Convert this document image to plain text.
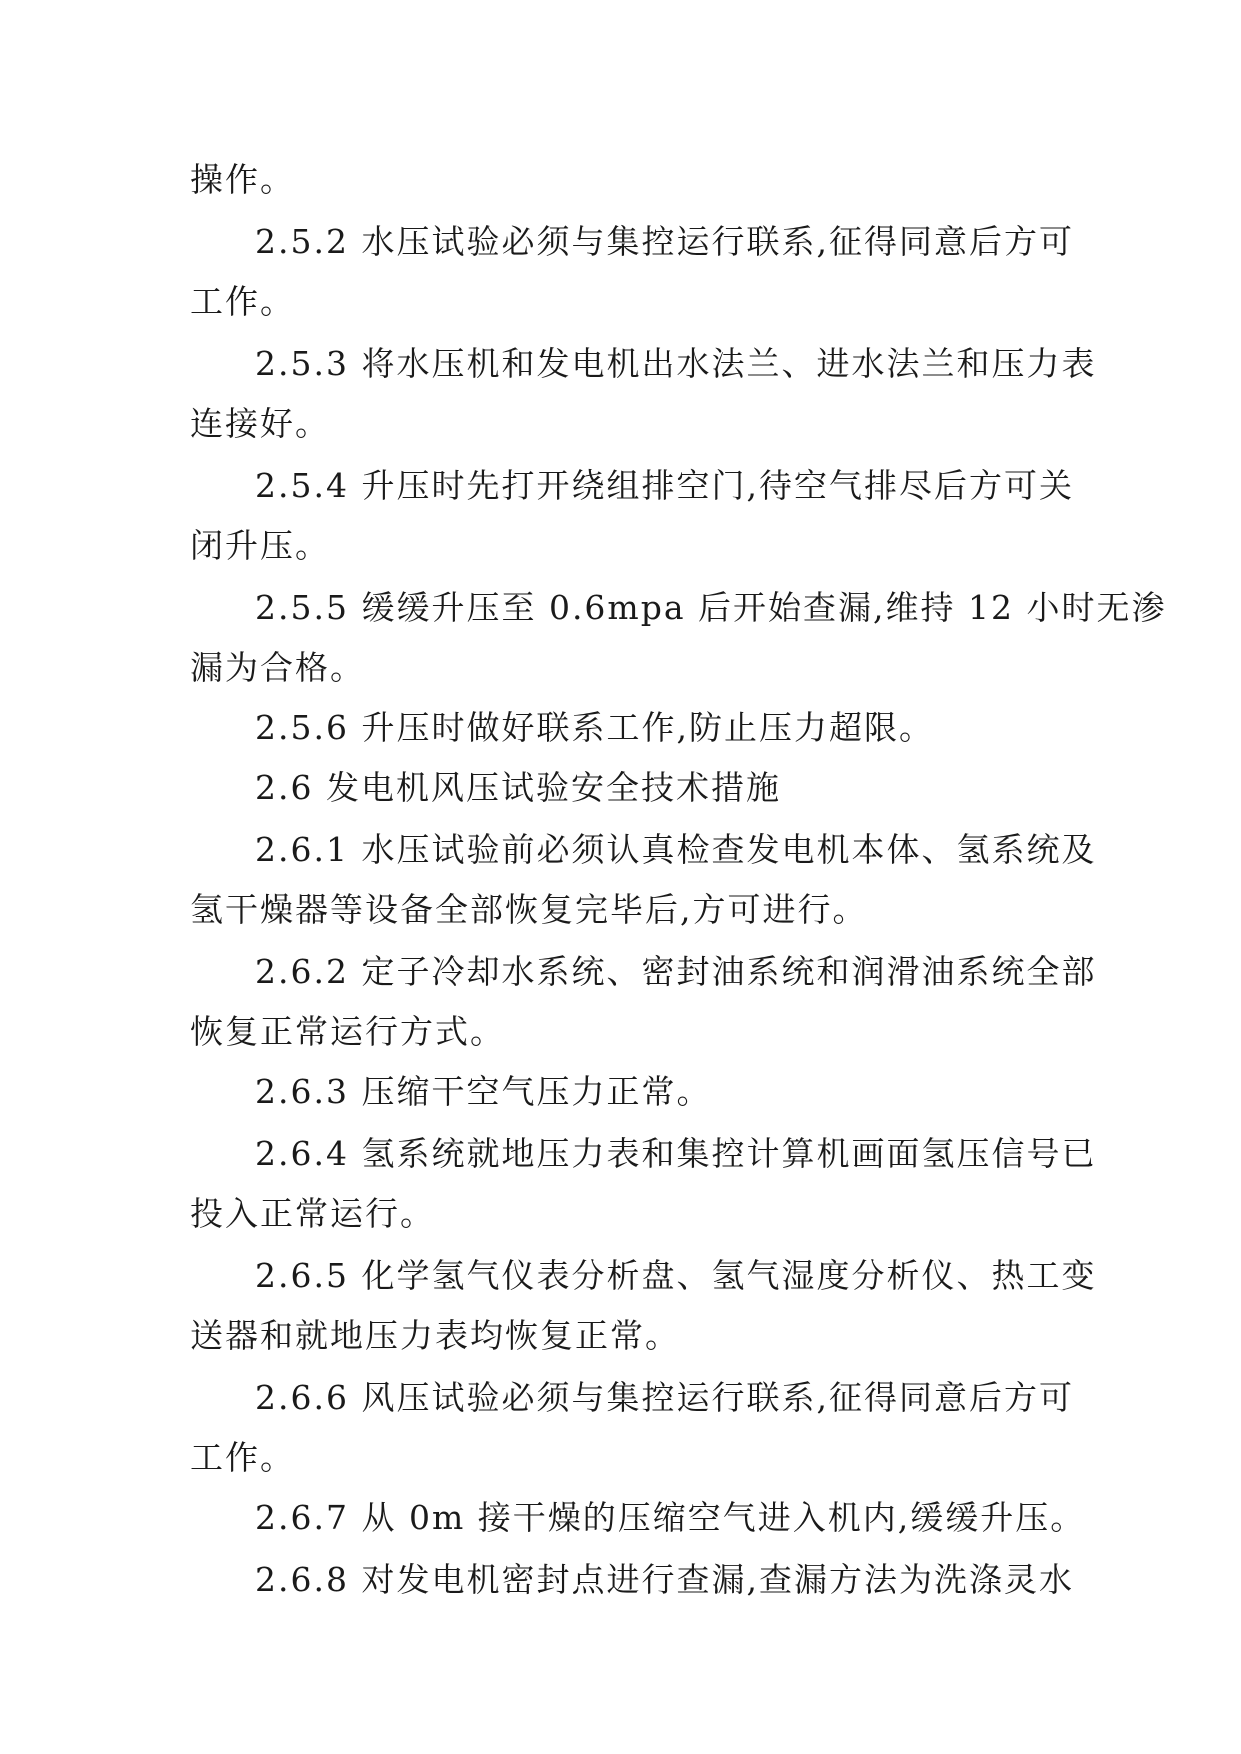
操作。
2.5.2 水压试验必须与集控运行联系,征得同意后方可
工作。
2.5.3 将水压机和发电机出水法兰、进水法兰和压力表
连接好。
2.5.4 升压时先打开绕组排空门,待空气排尽后方可关
闭升压。
2.5.5 缓缓升压至 0.6mpa 后开始查漏,维持 12 小时无渗
漏为合格。
2.5.6 升压时做好联系工作,防止压力超限。
2.6 发电机风压试验安全技术措施
2.6.1 水压试验前必须认真检查发电机本体、氢系统及
氢干燥器等设备全部恢复完毕后,方可进行。
2.6.2 定子冷却水系统、密封油系统和润滑油系统全部
恢复正常运行方式。
2.6.3 压缩干空气压力正常。
2.6.4 氢系统就地压力表和集控计算机画面氢压信号已
投入正常运行。
2.6.5 化学氢气仪表分析盘、氢气湿度分析仪、热工变
送器和就地压力表均恢复正常。
2.6.6 风压试验必须与集控运行联系,征得同意后方可
工作。
2.6.7 从 0m 接干燥的压缩空气进入机内,缓缓升压。
2.6.8 对发电机密封点进行查漏,查漏方法为洗涤灵水
